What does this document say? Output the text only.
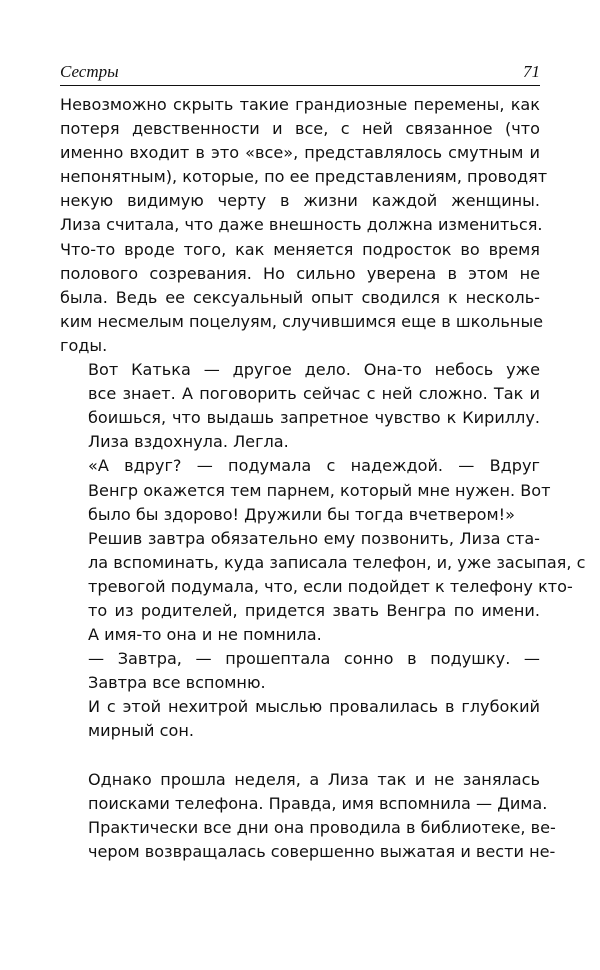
Сестры	71

Невозможно скрыть такие грандиозные перемены, как
потеря девственности и все, с ней связанное (что
именно входит в это «все», представлялось смутным и
непонятным), которые, по ее представлениям, проводят
некую видимую черту в жизни каждой женщины.
Лиза считала, что даже внешность должна измениться.
Что-то вроде того, как меняется подросток во время
полового созревания. Но сильно уверена в этом не
была. Ведь ее сексуальный опыт сводился к несколь-
ким несмелым поцелуям, случившимся еще в школьные
годы.

Вот Катька — другое дело. Она-то небось уже
все знает. А поговорить сейчас с ней сложно. Так и
боишься, что выдашь запретное чувство к Кириллу.
Лиза вздохнула. Легла.

«А вдруг? — подумала с надеждой. — Вдруг
Венгр окажется тем парнем, который мне нужен. Вот
было бы здорово! Дружили бы тогда вчетвером!»

Решив завтра обязательно ему позвонить, Лиза ста-
ла вспоминать, куда записала телефон, и, уже засыпая, с
тревогой подумала, что, если подойдет к телефону кто-
то из родителей, придется звать Венгра по имени.
А имя-то она и не помнила.

— Завтра, — прошептала сонно в подушку. —
Завтра все вспомню.

И с этой нехитрой мыслью провалилась в глубокий
мирный сон.

Однако прошла неделя, а Лиза так и не занялась
поисками телефона. Правда, имя вспомнила — Дима.
Практически все дни она проводила в библиотеке, ве-
чером возвращалась совершенно выжатая и вести не-
